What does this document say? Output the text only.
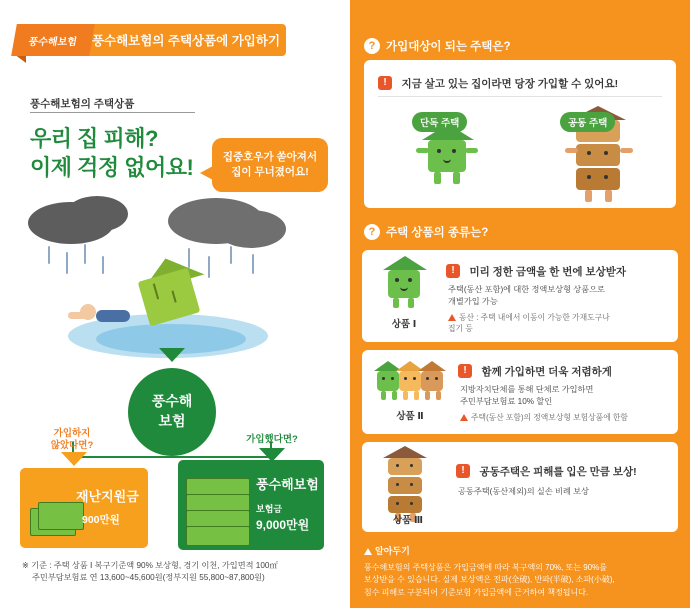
풍수해보험의 주택상품에 가입하기
풍수해보험
풍수해보험의 주택상품
우리 집 피해?
이제 걱정 없어요!	집중호우가 쏟아져서
집이 무너졌어요!
풍수해
보험
가입하지
않았다면?
가입했다면?
재난지원금
900만원
풍수해보험
보험금
9,000만원
※ 기준 : 주택 상품 Ⅰ 복구기준액 90% 보상형, 경기 이천, 가입면적 100㎡
주민부담보험료 연 13,600~45,600원(정부지원 55,800~87,800원)
? 가입대상이 되는 주택은?
! 지금 살고 있는 집이라면 당장 가입할 수 있어요!
단독 주택	공동 주택
? 주택 상품의 종류는?
상품 Ⅰ
! 미리 정한 금액을 한 번에 보상받자
주택(동산 포함)에 대한 정액보상형 상품으로
개별가입 가능
동산 : 주택 내에서 이동이 가능한 가재도구나
집기 등
상품 Ⅱ
! 함께 가입하면 더욱 저렴하게
지방자치단체를 통해 단체로 가입하면
주민부담보험료 10% 할인
주택(동산 포함)의 정액보상형 보험상품에 한함
상품 Ⅲ
! 공동주택은 피해를 입은 만큼 보상!
공동주택(동산제외)의 실손 비례 보상
알아두기
풍수해보험의 주택상품은 가입금액에 따라 복구액의 70%, 또는 90%를
보상받을 수 있습니다. 실제 보상액은 전파(全破), 반파(半破), 소파(小破),
침수 피해로 구분되어 기준보험 가입금액에 근거하여 책정됩니다.
